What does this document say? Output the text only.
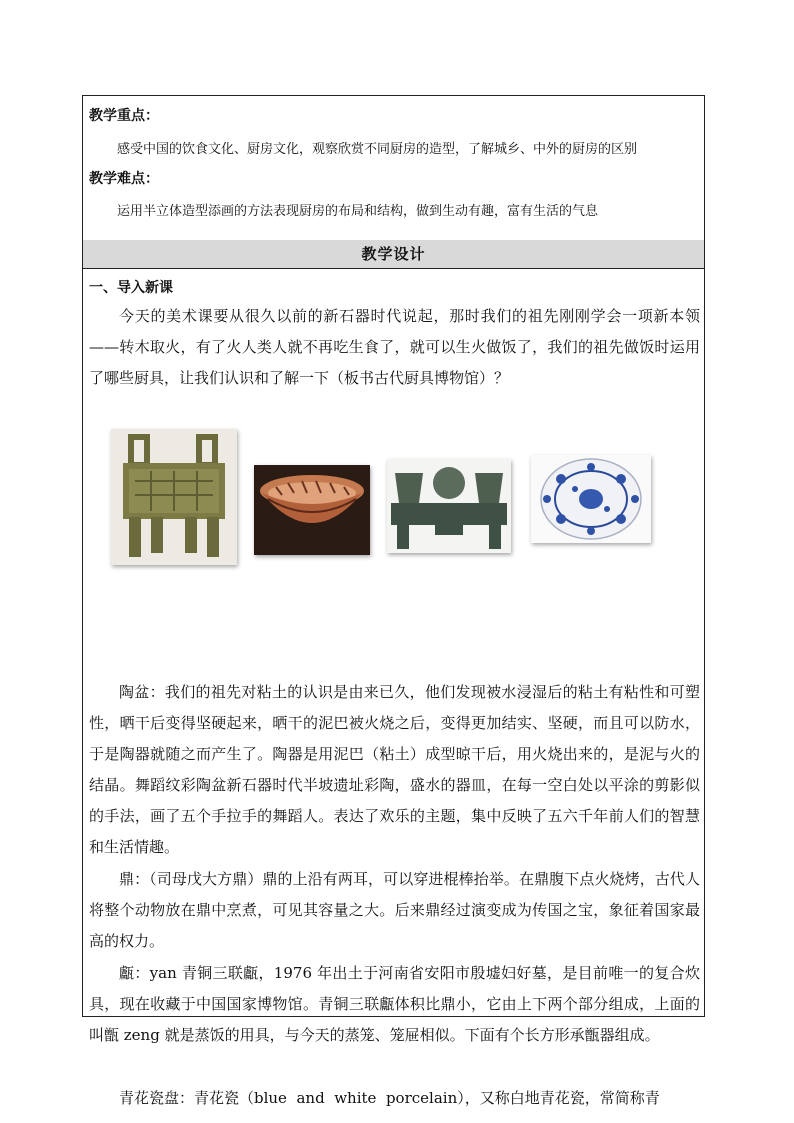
教学重点：
感受中国的饮食文化、厨房文化，观察欣赏不同厨房的造型，了解城乡、中外的厨房的区别
教学难点：
运用半立体造型添画的方法表现厨房的布局和结构，做到生动有趣，富有生活的气息
教学设计
一、导入新课
今天的美术课要从很久以前的新石器时代说起，那时我们的祖先刚刚学会一项新本领——转木取火，有了火人类人就不再吃生食了，就可以生火做饭了，我们的祖先做饭时运用了哪些厨具，让我们认识和了解一下（板书古代厨具博物馆）？
陶盆：我们的祖先对粘土的认识是由来已久，他们发现被水浸湿后的粘土有粘性和可塑性，晒干后变得坚硬起来，晒干的泥巴被火烧之后，变得更加结实、坚硬，而且可以防水，于是陶器就随之而产生了。陶器是用泥巴（粘土）成型晾干后，用火烧出来的，是泥与火的结晶。舞蹈纹彩陶盆新石器时代半坡遗址彩陶，盛水的器皿，在每一空白处以平涂的剪影似的手法，画了五个手拉手的舞蹈人。表达了欢乐的主题，集中反映了五六千年前人们的智慧和生活情趣。
鼎：（司母戊大方鼎）鼎的上沿有两耳，可以穿进棍棒抬举。在鼎腹下点火烧烤，古代人将整个动物放在鼎中烹煮，可见其容量之大。后来鼎经过演变成为传国之宝，象征着国家最高的权力。
甗：yan 青铜三联甗，1976 年出土于河南省安阳市殷墟妇好墓，是目前唯一的复合炊具，现在收藏于中国国家博物馆。青铜三联甗体积比鼎小，它由上下两个部分组成，上面的叫甑 zeng 就是蒸饭的用具，与今天的蒸笼、笼屉相似。下面有个长方形承甑器组成。
青花瓷盘：青花瓷（blue  and  white  porcelain），又称白地青花瓷，常简称青
